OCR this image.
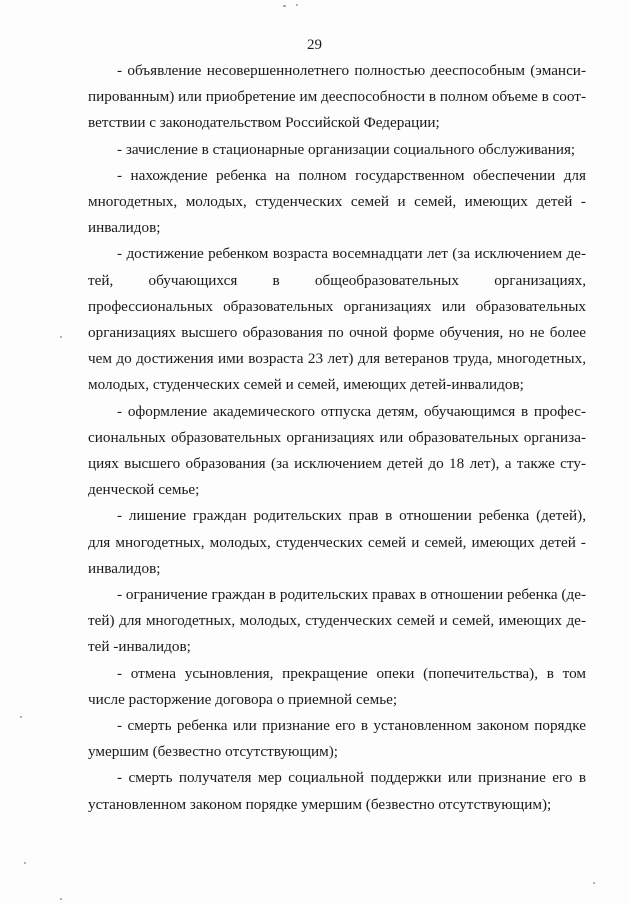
29

- объявление несовершеннолетнего полностью дееспособным (эмансипированным) или приобретение им дееспособности в полном объеме в соответствии с законодательством Российской Федерации;

- зачисление в стационарные организации социального обслуживания;

- нахождение ребенка на полном государственном обеспечении для многодетных, молодых, студенческих семей и семей, имеющих детей - инвалидов;

- достижение ребенком возраста восемнадцати лет (за исключением детей, обучающихся в общеобразовательных организациях, профессиональных образовательных организациях или образовательных организациях высшего образования по очной форме обучения, но не более чем до достижения ими возраста 23 лет) для ветеранов труда, многодетных, молодых, студенческих семей и семей, имеющих детей-инвалидов;

- оформление академического отпуска детям, обучающимся в профессиональных образовательных организациях или образовательных организациях высшего образования (за исключением детей до 18 лет), а также студенческой семье;

- лишение граждан родительских прав в отношении ребенка (детей), для многодетных, молодых, студенческих семей и семей, имеющих детей - инвалидов;

- ограничение граждан в родительских правах в отношении ребенка (детей) для многодетных, молодых, студенческих семей и семей, имеющих детей -инвалидов;

- отмена усыновления, прекращение опеки (попечительства), в том числе расторжение договора о приемной семье;

- смерть ребенка или признание его в установленном законом порядке умершим (безвестно отсутствующим);

- смерть получателя мер социальной поддержки или признание его в установленном законом порядке умершим (безвестно отсутствующим);
